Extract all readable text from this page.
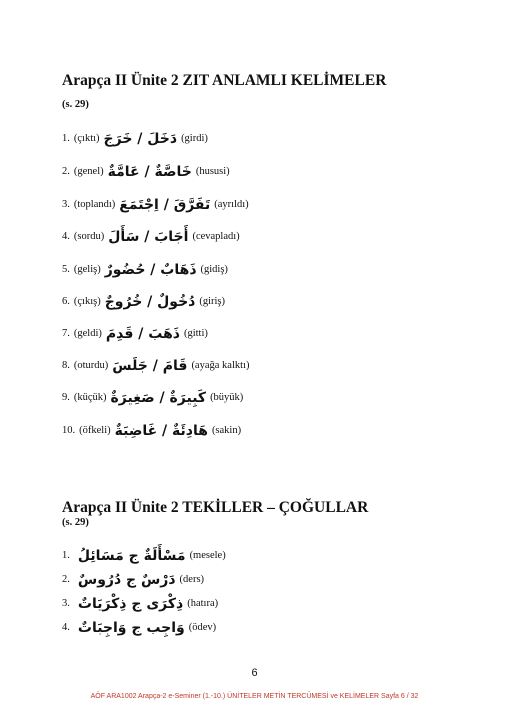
Arapça II Ünite 2 ZIT ANLAMLI KELİMELER
(s. 29)
1. (çıktı) دَخَلَ / خَرَجَ (girdi)
2. (genel) خَاصَّةٌ / عَامَّةٌ (hususi)
3. (toplandı) تَفَرَّقَ / اِجْتَمَعَ (ayrıldı)
4. (sordu) أَجَابَ / سَأَلَ (cevapladı)
5. (geliş) ذَهَابٌ / حُضُورٌ (gidiş)
6. (çıkış) دُخُولٌ / خُرُوجٌ (giriş)
7. (geldi) ذَهَبَ / قَدِمَ (gitti)
8. (oturdu) قَامَ / جَلَسَ (ayağa kalktı)
9. (küçük) كَبِيرَةٌ / صَغِيرَةٌ (büyük)
10. (öfkeli) هَادِئَةٌ / غَاضِبَةٌ (sakin)
Arapça II Ünite 2 TEKİLLER – ÇOĞULLAR
(s. 29)
1. مَسْأَلَةٌ ج مَسَائِلُ (mesele)
2. دَرْسٌ ج دُرُوسٌ (ders)
3. ذِكْرَى ج ذِكْرَيَاتٌ (hatıra)
4. وَاجِب ج وَاجِبَاتٌ (ödev)
6
AÖF ARA1002 Arapça-2 e-Seminer (1.-10.) ÜNİTELER METİN TERCÜMESİ ve KELİMELER Sayfa 6 / 32
